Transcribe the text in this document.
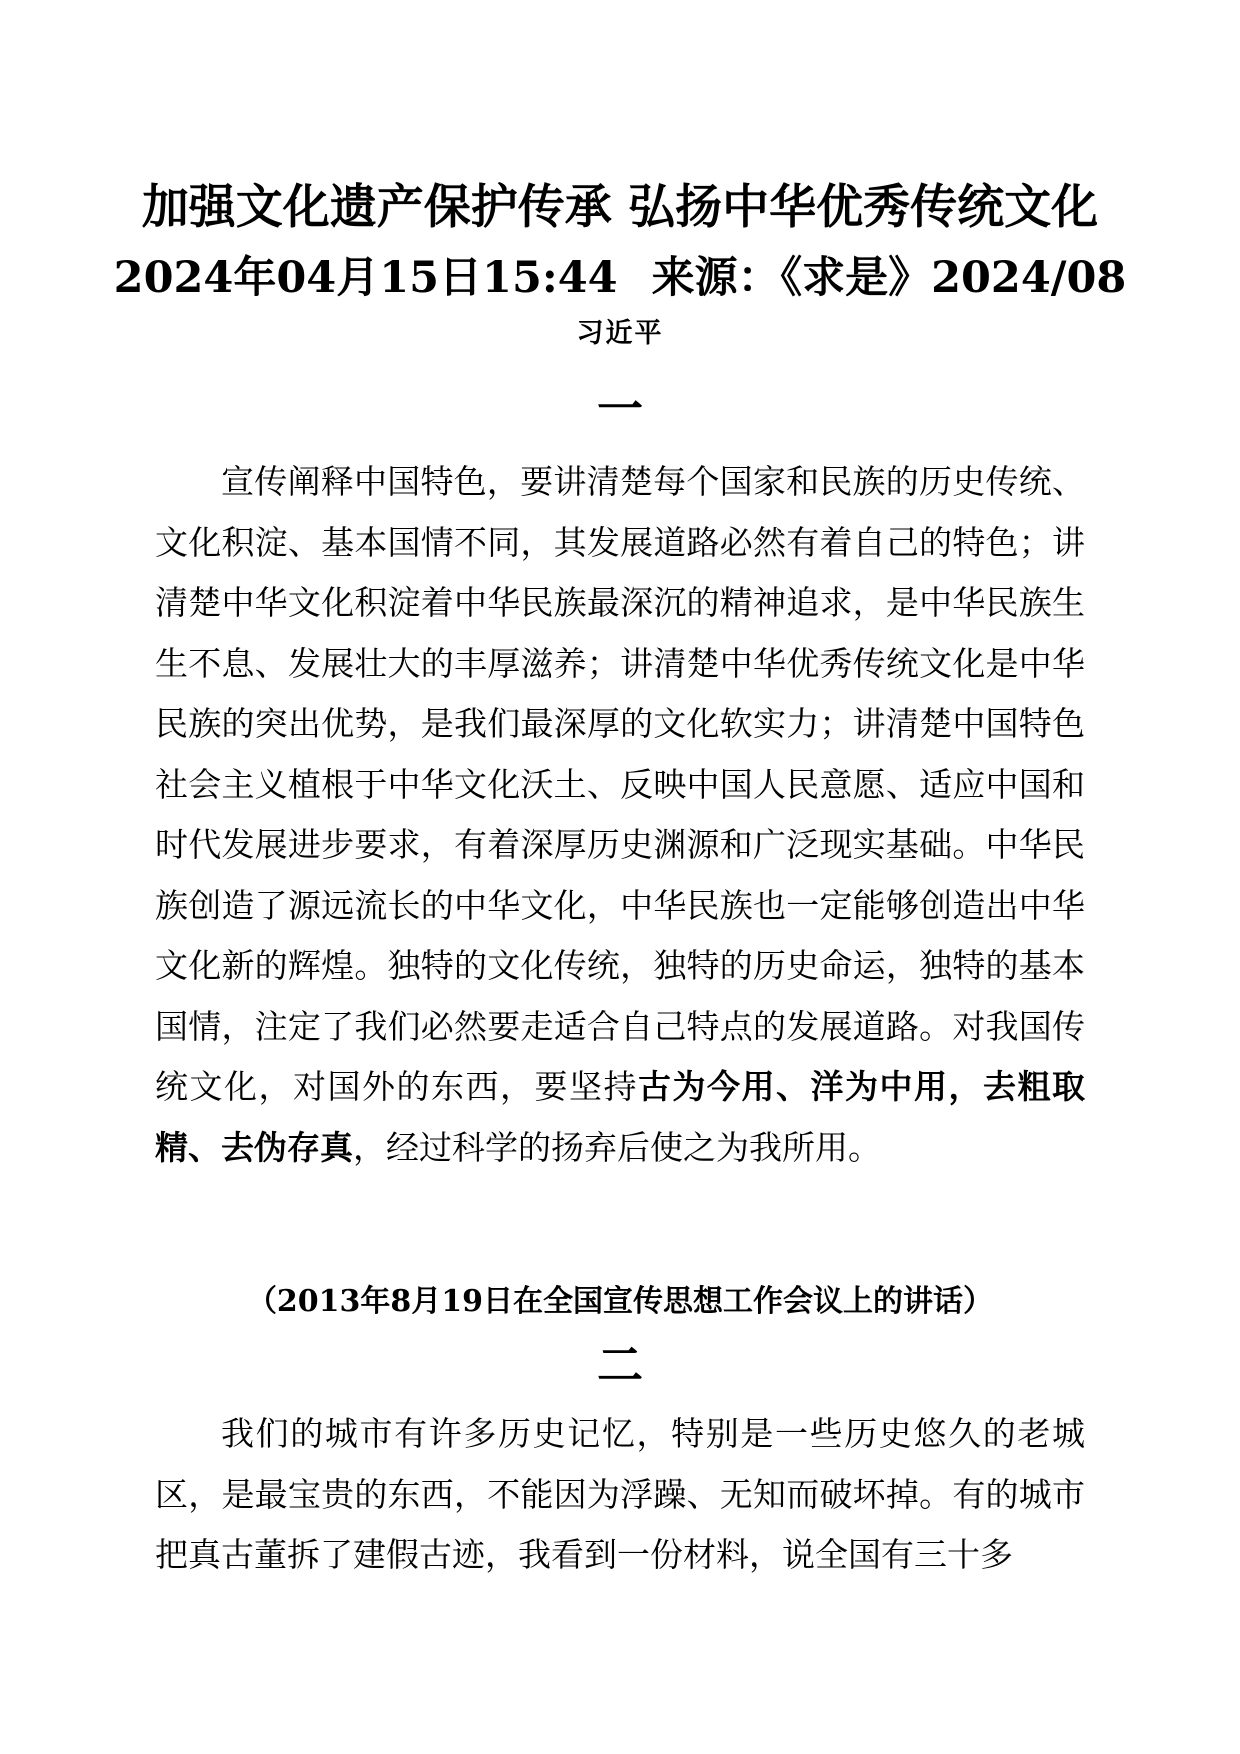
加强文化遗产保护传承 弘扬中华优秀传统文化
2024年04月15日15:44 来源：《求是》2024/08
习近平
一

宣传阐释中国特色，要讲清楚每个国家和民族的历史传统、文化积淀、基本国情不同，其发展道路必然有着自己的特色；讲清楚中华文化积淀着中华民族最深沉的精神追求，是中华民族生生不息、发展壮大的丰厚滋养；讲清楚中华优秀传统文化是中华民族的突出优势，是我们最深厚的文化软实力；讲清楚中国特色社会主义植根于中华文化沃土、反映中国人民意愿、适应中国和时代发展进步要求，有着深厚历史渊源和广泛现实基础。中华民族创造了源远流长的中华文化，中华民族也一定能够创造出中华文化新的辉煌。独特的文化传统，独特的历史命运，独特的基本国情，注定了我们必然要走适合自己特点的发展道路。对我国传统文化，对国外的东西，要坚持古为今用、洋为中用，去粗取精、去伪存真，经过科学的扬弃后使之为我所用。

（2013年8月19日在全国宣传思想工作会议上的讲话）
二

我们的城市有许多历史记忆，特别是一些历史悠久的老城区，是最宝贵的东西，不能因为浮躁、无知而破坏掉。有的城市把真古董拆了建假古迹，我看到一份材料，说全国有三十多
